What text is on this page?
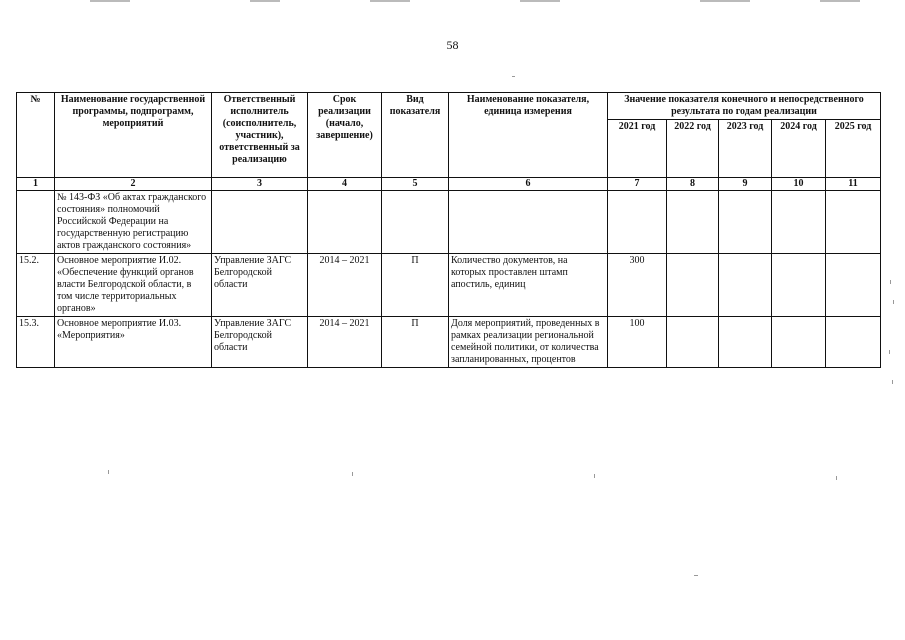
58
№	Наименование государственной программы, подпрограмм, мероприятий	Ответственный исполнитель (соисполнитель, участник), ответственный за реализацию	Срок реализации (начало, завершение)	Вид показателя	Наименование показателя, единица измерения	Значение показателя конечного и непосредственного результата по годам реализации				
						2021 год	2022 год	2023 год	2024 год	2025 год
1	2	3	4	5	6	7	8	9	10	11
	№ 143-ФЗ «Об актах гражданского состояния» полномочий Российской Федерации на государственную регистрацию актов гражданского состояния»									
15.2.	Основное мероприятие И.02. «Обеспечение функций органов власти Белгородской области, в том числе территориальных органов»	Управление ЗАГС Белгородской области	2014 – 2021	П	Количество документов, на которых проставлен штамп апостиль, единиц	300				
15.3.	Основное мероприятие И.03. «Мероприятия»	Управление ЗАГС Белгородской области	2014 – 2021	П	Доля мероприятий, проведенных в рамках реализации региональной семейной политики, от количества запланированных, процентов	100				
